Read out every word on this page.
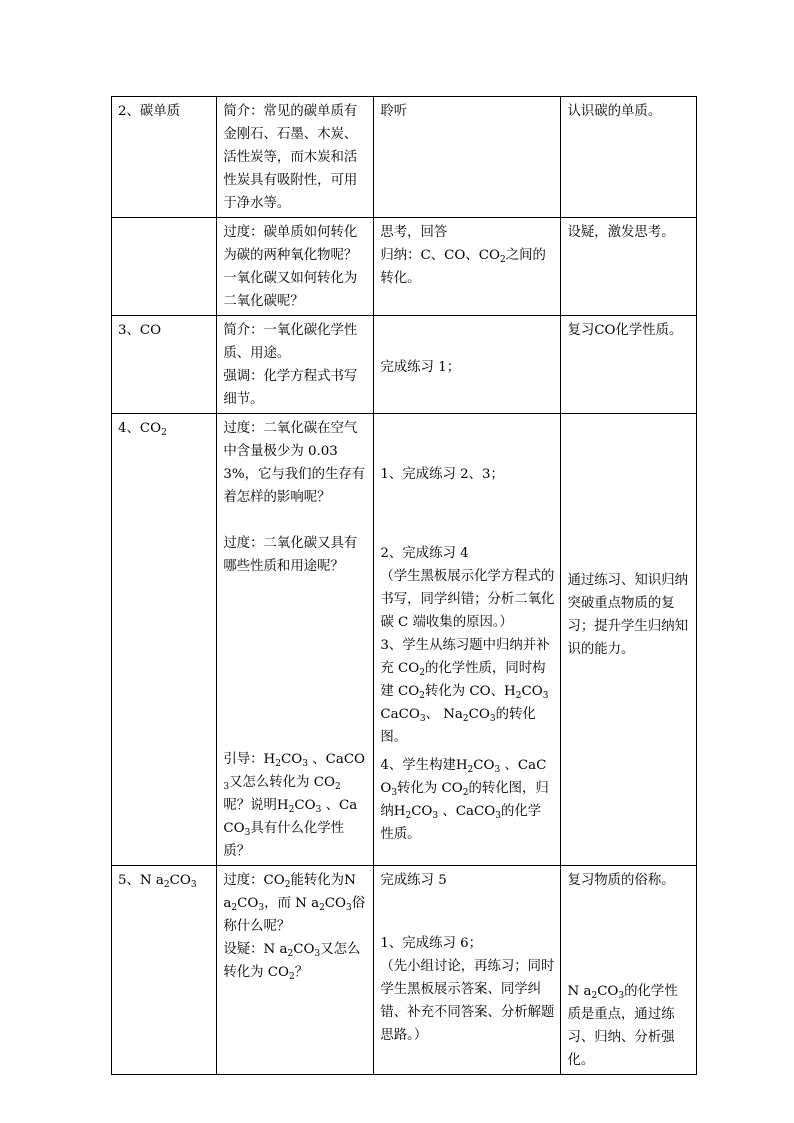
2、碳单质	简介：常见的碳单质有金刚石、石墨、木炭、活性炭等，而木炭和活性炭具有吸附性，可用于净水等。	聆听	认识碳的单质。

	过度：碳单质如何转化为碳的两种氧化物呢？一氧化碳又如何转化为二氧化碳呢？	思考，回答
归纳：C、CO、$CO_2$之间的转化。	设疑，激发思考。

3、CO	简介：一氧化碳化学性质、用途。
强调：化学方程式书写细节。	完成练习 1；	复习CO化学性质。

4、$CO_2$	过度：二氧化碳在空气中含量极少为 0.033%，它与我们的生存有着怎样的影响呢？
过度：二氧化碳又具有哪些性质和用途呢？
引导：$H_2CO_3$ 、CaCO$_3$又怎么转化为 $CO_2$呢？说明$H_2CO_3$ 、CaCO$_3$具有什么化学性质？	1、完成练习 2、3；
2、完成练习 4
（学生黑板展示化学方程式的书写，同学纠错；分析二氧化碳 C 端收集的原因。）
3、学生从练习题中归纳并补充 $CO_2$的化学性质，同时构建 $CO_2$转化为 CO、$H_2CO_3$ CaCO$_3$、 $Na_2CO_3$的转化图。
4、学生构建$H_2CO_3$ 、CaCO$_3$转化为 $CO_2$的转化图，归纳$H_2CO_3$ 、CaCO$_3$的化学性质。	通过练习、知识归纳突破重点物质的复习；提升学生归纳知识的能力。

5、N $a_2CO_3$	过度：$CO_2$能转化为N $a_2CO_3$，而 N $a_2CO_3$俗称什么呢？
设疑：N $a_2CO_3$又怎么转化为 $CO_2$？	完成练习 5
1、完成练习 6；
（先小组讨论，再练习；同时学生黑板展示答案、同学纠错、补充不同答案、分析解题思路。）	复习物质的俗称。
N $a_2CO_3$的化学性质是重点，通过练习、归纳、分析强化。
